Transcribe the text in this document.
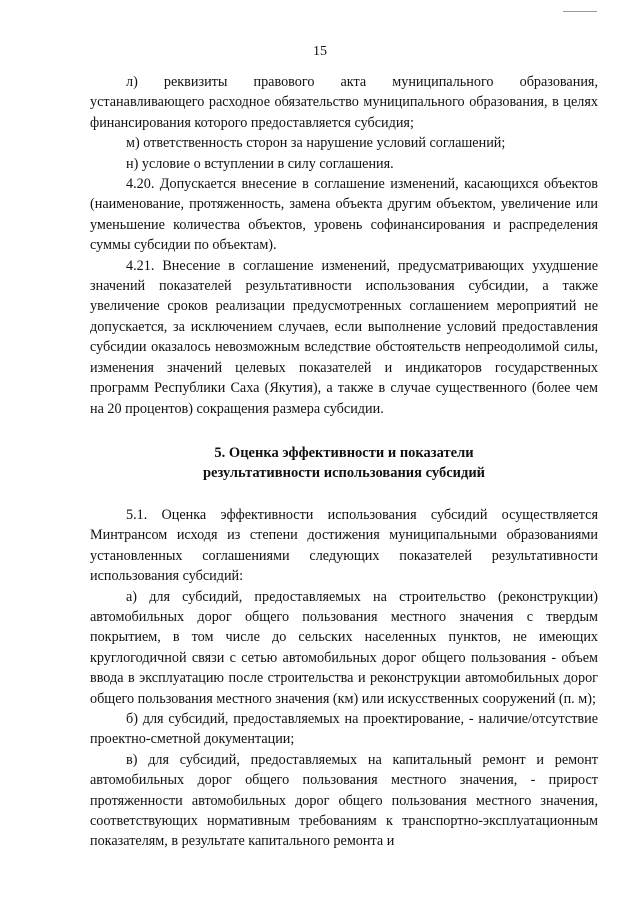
15

л) реквизиты правового акта муниципального образования, устанавливающего расходное обязательство муниципального образования, в целях финансирования которого предоставляется субсидия;

м) ответственность сторон за нарушение условий соглашений;

н) условие о вступлении в силу соглашения.

4.20. Допускается внесение в соглашение изменений, касающихся объектов (наименование, протяженность, замена объекта другим объектом, увеличение или уменьшение количества объектов, уровень софинансирования и распределения суммы субсидии по объектам).

4.21. Внесение в соглашение изменений, предусматривающих ухудшение значений показателей результативности использования субсидии, а также увеличение сроков реализации предусмотренных соглашением мероприятий не допускается, за исключением случаев, если выполнение условий предоставления субсидии оказалось невозможным вследствие обстоятельств непреодолимой силы, изменения значений целевых показателей и индикаторов государственных программ Республики Саха (Якутия), а также в случае существенного (более чем на 20 процентов) сокращения размера субсидии.

5. Оценка эффективности и показатели
результативности использования субсидий

5.1. Оценка эффективности использования субсидий осуществляется Минтрансом исходя из степени достижения муниципальными образованиями установленных соглашениями следующих показателей результативности использования субсидий:

а) для субсидий, предоставляемых на строительство (реконструкции) автомобильных дорог общего пользования местного значения с твердым покрытием, в том числе до сельских населенных пунктов, не имеющих круглогодичной связи с сетью автомобильных дорог общего пользования - объем ввода в эксплуатацию после строительства и реконструкции автомобильных дорог общего пользования местного значения (км) или искусственных сооружений (п. м);

б) для субсидий, предоставляемых на проектирование, - наличие/отсутствие проектно-сметной документации;

в) для субсидий, предоставляемых на капитальный ремонт и ремонт автомобильных дорог общего пользования местного значения, - прирост протяженности автомобильных дорог общего пользования местного значения, соответствующих нормативным требованиям к транспортно-эксплуатационным показателям, в результате капитального ремонта и
